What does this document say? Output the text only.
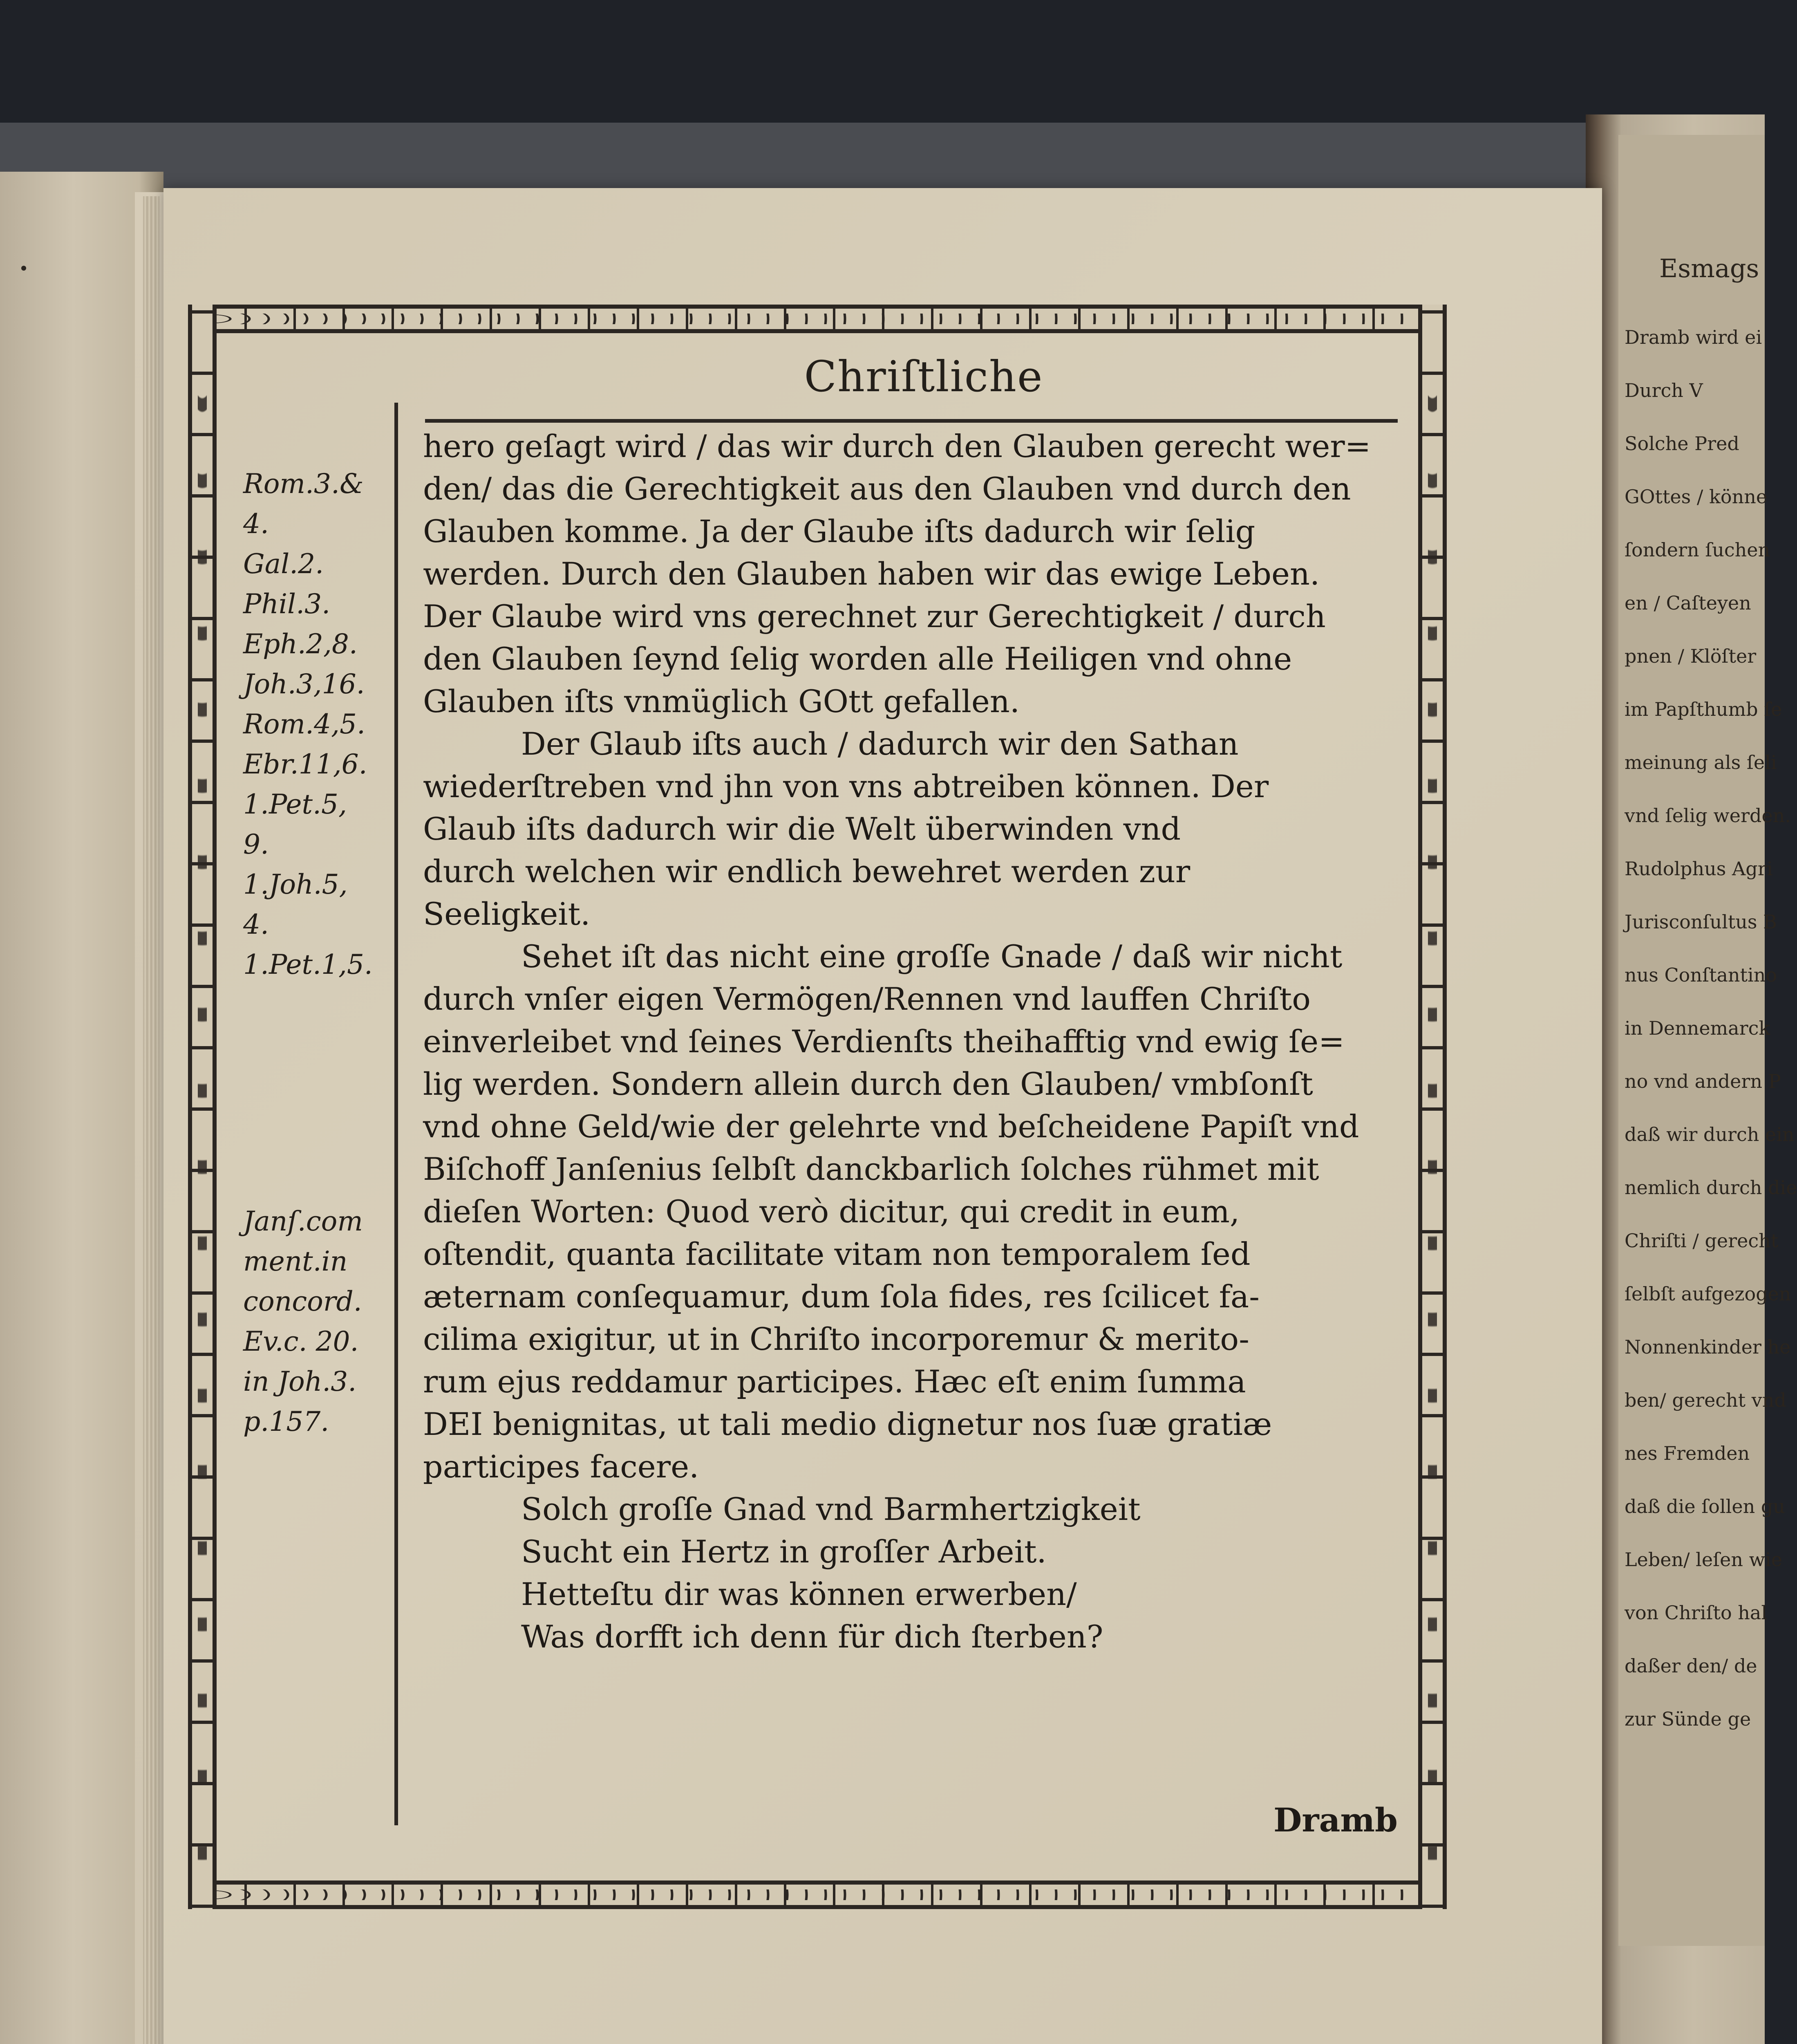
Esmags
Dramb wird ei
Durch V
Solche Pred
GOttes / könne
ſondern ſuchen
en / Caſteyen
pnen / Klöſter
im Papſthumb ſe
meinung als ſeli
vnd ſelig werden.
Rudolphus Agri
Jurisconſultus B
nus Conſtantino
in Dennemarck
no vnd andern P
daß wir durch ein
nemlich durch die
Chriſti / gerecht
ſelbſt aufgezogen
Nonnenkinder he
ben/ gerecht vnd
nes Fremden
daß die ſollen gu
Leben/ leſen wie
von Chriſto hal
daßer den/ de
zur Sünde ge
Chriſtliche
Rom.3.&
4.
Gal.2.
Phil.3.
Eph.2,8.
Joh.3,16.
Rom.4,5.
Ebr.11,6.
1.Pet.5,
9.
1.Joh.5,
4.
1.Pet.1,5.
Janſ.com
ment.in
concord.
Ev.c. 20.
in Joh.3.
p.157.
hero geſagt wird / das wir durch den Glauben gerecht wer=
den/ das die Gerechtigkeit aus den Glauben vnd durch den
Glauben komme. Ja der Glaube iſts dadurch wir ſelig
werden. Durch den Glauben haben wir das ewige Leben.
Der Glaube wird vns gerechnet zur Gerechtigkeit / durch
den Glauben ſeynd ſelig worden alle Heiligen vnd ohne
Glauben iſts vnmüglich GOtt gefallen.
Der Glaub iſts auch / dadurch wir den Sathan
wiederſtreben vnd jhn von vns abtreiben können. Der
Glaub iſts dadurch wir die Welt überwinden vnd
durch welchen wir endlich bewehret werden zur
Seeligkeit.
Sehet iſt das nicht eine groſſe Gnade / daß wir nicht
durch vnſer eigen Vermögen/Rennen vnd lauffen Chriſto
einverleibet vnd ſeines Verdienſts theihafftig vnd ewig ſe=
lig werden. Sondern allein durch den Glauben/ vmbſonſt
vnd ohne Geld/wie der gelehrte vnd beſcheidene Papiſt vnd
Biſchoff Janſenius ſelbſt danckbarlich ſolches rühmet mit
dieſen Worten: Quod verò dicitur, qui credit in eum,
oſtendit, quanta facilitate vitam non temporalem ſed
æternam conſequamur, dum ſola fides, res ſcilicet fa-
cilima exigitur, ut in Chriſto incorporemur & merito-
rum ejus reddamur participes. Hæc eſt enim ſumma
DEI benignitas, ut tali medio dignetur nos ſuæ gratiæ
participes facere.
Solch groſſe Gnad vnd Barmhertzigkeit
Sucht ein Hertz in groſſer Arbeit.
Hetteſtu dir was können erwerben/
Was dorfft ich denn für dich ſterben?
Dramb
